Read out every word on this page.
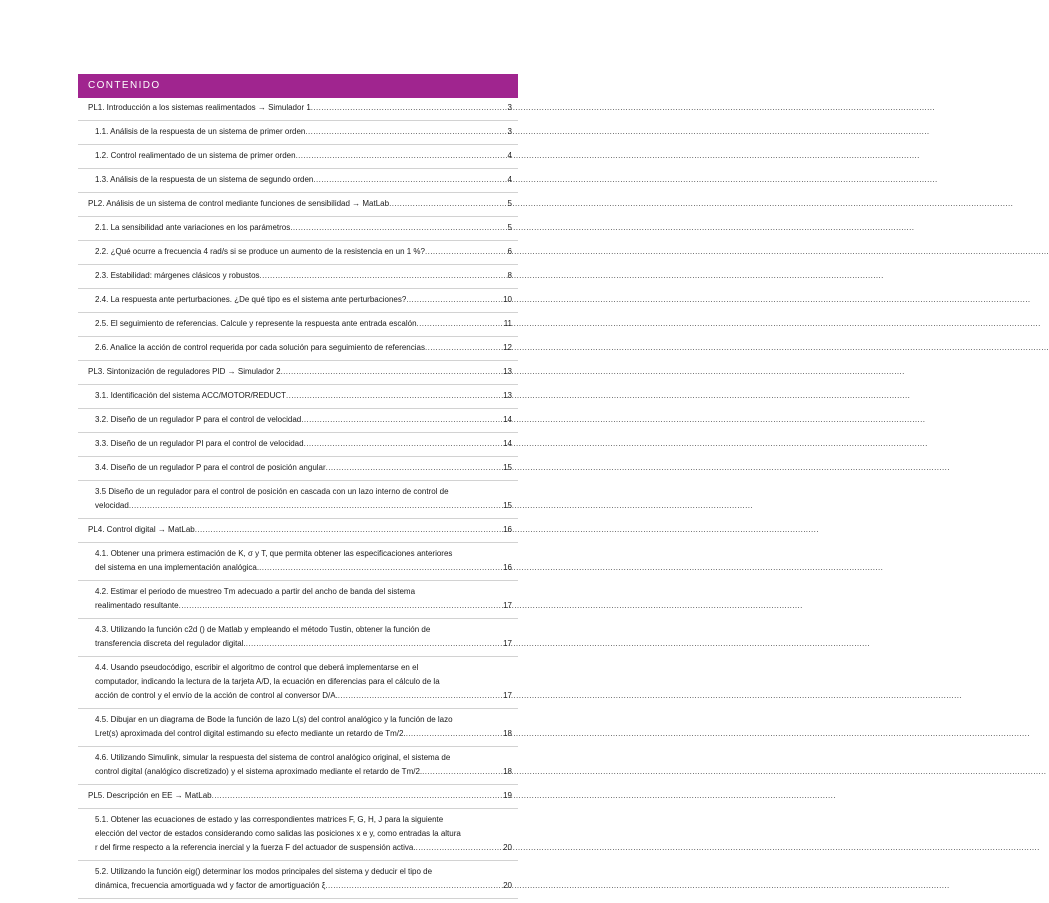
CONTENIDO
PL1. Introducción a los sistemas realimentados → Simulador 1 .....	3
1.1. Análisis de la respuesta de un sistema de primer orden .....	3
1.2. Control realimentado de un sistema de primer orden .....	4
1.3. Análisis de la respuesta de un sistema de segundo orden .....	4
PL2. Análisis de un sistema de control mediante funciones de sensibilidad → MatLab .....	5
2.1. La sensibilidad ante variaciones en los parámetros .....	5
2.2. ¿Qué ocurre a frecuencia 4 rad/s si se produce un aumento de la resistencia en un 1 %? .....	6
2.3. Estabilidad: márgenes clásicos y robustos .....	8
2.4. La respuesta ante perturbaciones. ¿De qué tipo es el sistema ante perturbaciones? .....	10
2.5. El seguimiento de referencias. Calcule y represente la respuesta ante entrada escalón .....	11
2.6. Analice la acción de control requerida por cada solución para seguimiento de referencias .....	12
PL3. Sintonización de reguladores PID → Simulador 2 .....	13
3.1. Identificación del sistema ACC/MOTOR/REDUCT .....	13
3.2. Diseño de un regulador P para el control de velocidad .....	14
3.3. Diseño de un regulador PI para el control de velocidad .....	14
3.4. Diseño de un regulador P para el control de posición angular .....	15
3.5 Diseño de un regulador para el control de posición en cascada con un lazo interno de control de
velocidad .....	15
PL4. Control digital → MatLab .....	16
4.1. Obtener una primera estimación de K, σ y T, que permita obtener las especificaciones anteriores
del sistema en una implementación analógica. .....	16
4.2. Estimar el periodo de muestreo Tm adecuado a partir del ancho de banda del sistema
realimentado resultante .....	17
4.3. Utilizando la función c2d () de Matlab y empleando el método Tustin, obtener la función de
transferencia discreta del regulador digital. .....	17
4.4. Usando pseudocódigo, escribir el algoritmo de control que deberá implementarse en el
computador, indicando la lectura de la tarjeta A/D, la ecuación en diferencias para el cálculo de la
acción de control y el envío de la acción de control al conversor D/A. .....	17
4.5. Dibujar en un diagrama de Bode la función de lazo L(s) del control analógico y la función de lazo
Lret(s) aproximada del control digital estimando su efecto mediante un retardo de Tm/2. .....	18
4.6. Utilizando Simulink, simular la respuesta del sistema de control analógico original, el sistema de
control digital (analógico discretizado) y el sistema aproximado mediante el retardo de Tm/2. .....	18
PL5. Descripción en EE → MatLab .....	19
5.1. Obtener las ecuaciones de estado y las correspondientes matrices F, G, H, J para la siguiente
elección del vector de estados considerando como salidas las posiciones x e y, como entradas la altura
r del firme respecto a la referencia inercial y la fuerza F del actuador de suspensión activa. .....	20
5.2. Utilizando la función eig() determinar los modos principales del sistema y deducir el tipo de
dinámica, frecuencia amortiguada wd y factor de amortiguación ξ .....	20
